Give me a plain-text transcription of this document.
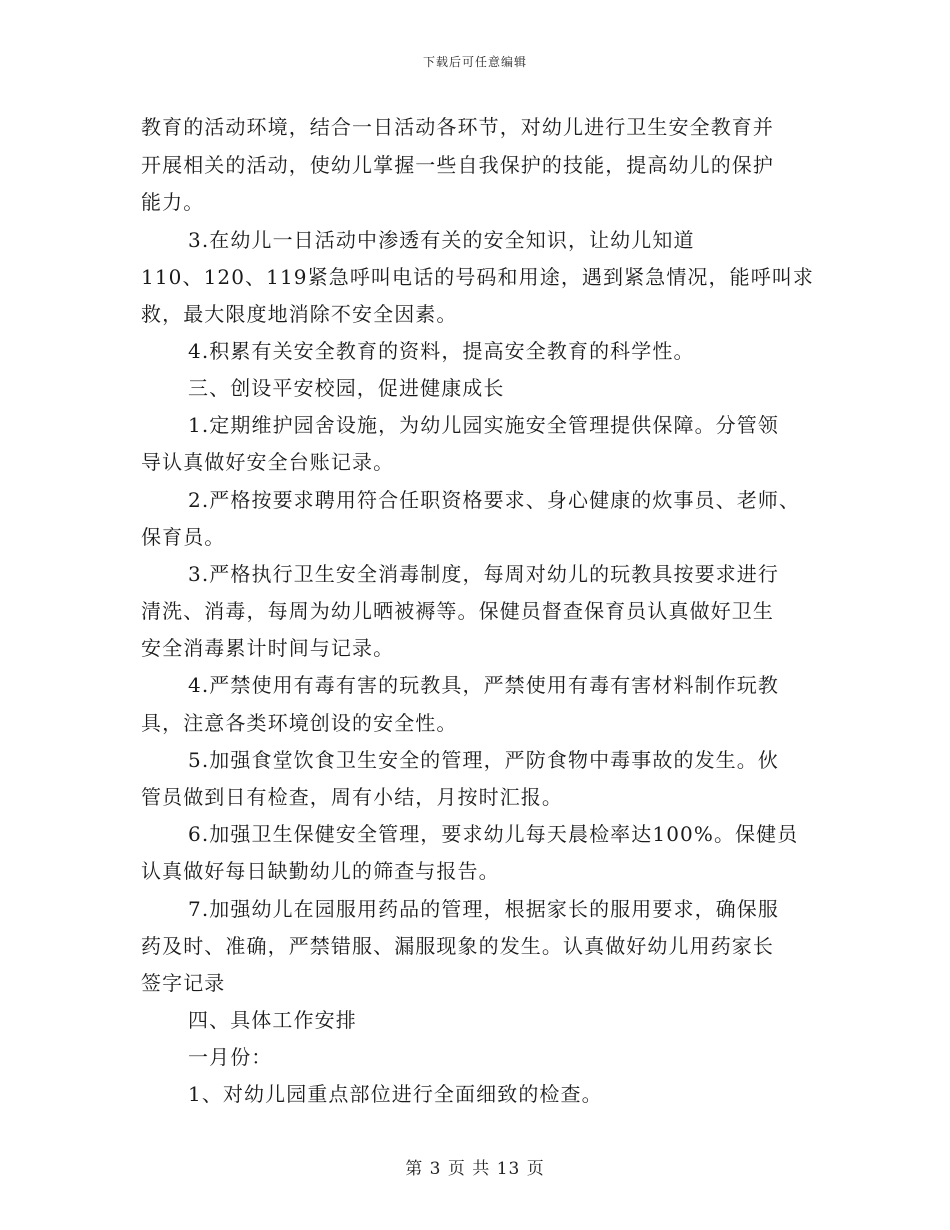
下载后可任意编辑
教育的活动环境，结合一日活动各环节，对幼儿进行卫生安全教育并
开展相关的活动，使幼儿掌握一些自我保护的技能，提高幼儿的保护
能力。
3.在幼儿一日活动中渗透有关的安全知识，让幼儿知道
110、120、119紧急呼叫电话的号码和用途，遇到紧急情况，能呼叫求
救，最大限度地消除不安全因素。
4.积累有关安全教育的资料，提高安全教育的科学性。
三、创设平安校园，促进健康成长
1.定期维护园舍设施，为幼儿园实施安全管理提供保障。分管领
导认真做好安全台账记录。
2.严格按要求聘用符合任职资格要求、身心健康的炊事员、老师、
保育员。
3.严格执行卫生安全消毒制度，每周对幼儿的玩教具按要求进行
清洗、消毒，每周为幼儿晒被褥等。保健员督查保育员认真做好卫生
安全消毒累计时间与记录。
4.严禁使用有毒有害的玩教具，严禁使用有毒有害材料制作玩教
具，注意各类环境创设的安全性。
5.加强食堂饮食卫生安全的管理，严防食物中毒事故的发生。伙
管员做到日有检查，周有小结，月按时汇报。
6.加强卫生保健安全管理，要求幼儿每天晨检率达100%。保健员
认真做好每日缺勤幼儿的筛查与报告。
7.加强幼儿在园服用药品的管理，根据家长的服用要求，确保服
药及时、准确，严禁错服、漏服现象的发生。认真做好幼儿用药家长
签字记录
四、具体工作安排
一月份：
1、对幼儿园重点部位进行全面细致的检查。
第 3 页 共 13 页
